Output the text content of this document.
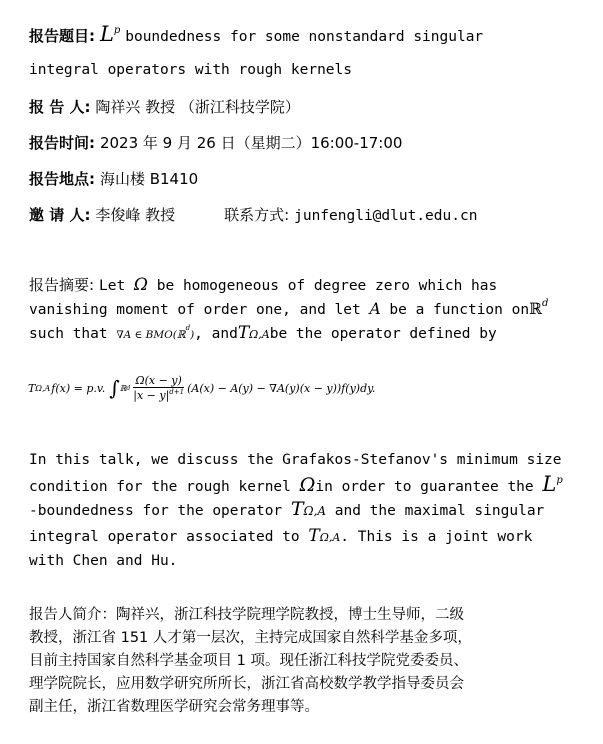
报告题目: $L^p$ boundedness for some nonstandard singular
integral operators with rough kernels
报 告 人: 陶祥兴 教授 （浙江科技学院）
报告时间: 2023 年 9 月 26 日（星期二）16:00-17:00
报告地点: 海山楼 B1410
邀 请 人: 李俊峰 教授	联系方式: junfengli@dlut.edu.cn
报告摘要: Let Ω be homogeneous of degree zero which has
vanishing moment of order one, and let A be a function onℝ$^d$
such that ∇A ∈ BMO(ℝ$^d$), andTΩ,Abe the operator defined by
T Ω,A f(x) = p.v. ∫ ℝ d $\frac{\Omega(x - y)}{|x - y|^{d+1}} (A(x) - A(y) - \nabla A(y)(x - y))f(y)dy$.
In this talk, we discuss the Grafakos-Stefanov's minimum size
condition for the rough kernel Ωin order to guarantee the $L^p$
-boundedness for the operator TΩ,A and the maximal singular
integral operator associated to TΩ,A. This is a joint work
with Chen and Hu.
报告人简介：陶祥兴，浙江科技学院理学院教授，博士生导师，二级
教授，浙江省 151 人才第一层次，主持完成国家自然科学基金多项，
目前主持国家自然科学基金项目 1 项。现任浙江科技学院党委委员、
理学院院长，应用数学研究所所长，浙江省高校数学教学指导委员会
副主任，浙江省数理医学研究会常务理事等。
